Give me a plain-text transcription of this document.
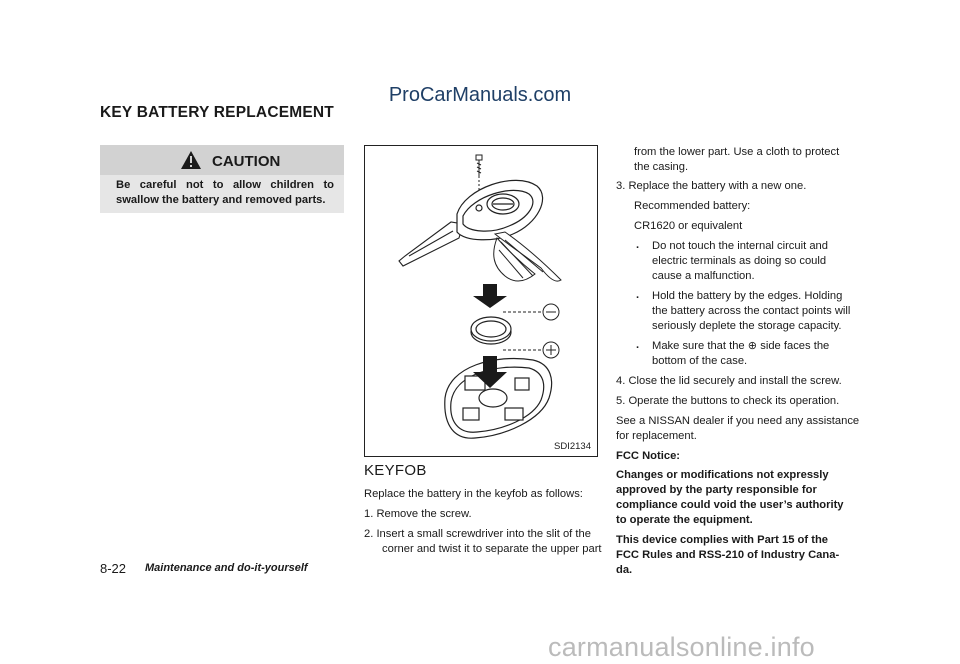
ProCarManuals.com
KEY BATTERY REPLACEMENT
CAUTION
Be careful not to allow children to swallow the battery and removed parts.
SDI2134
KEYFOB
Replace the battery in the keyfob as follows:
1. Remove the screw.
2. Insert a small screwdriver into the slit of the
corner and twist it to separate the upper part
from the lower part. Use a cloth to protect
the casing.
3. Replace the battery with a new one.
Recommended battery:
CR1620 or equivalent
. Do not touch the internal circuit and
electric terminals as doing so could
cause a malfunction.
. Hold the battery by the edges. Holding
the battery across the contact points will
seriously deplete the storage capacity.
. Make sure that the ⊕ side faces the
bottom of the case.
4. Close the lid securely and install the screw.
5. Operate the buttons to check its operation.
See a NISSAN dealer if you need any assistance
for replacement.
FCC Notice:
Changes or modifications not expressly
approved by the party responsible for
compliance could void the user’s authority
to operate the equipment.
This device complies with Part 15 of the
FCC Rules and RSS-210 of Industry Cana-
da.
8-22 Maintenance and do-it-yourself
carmanualsonline.info
